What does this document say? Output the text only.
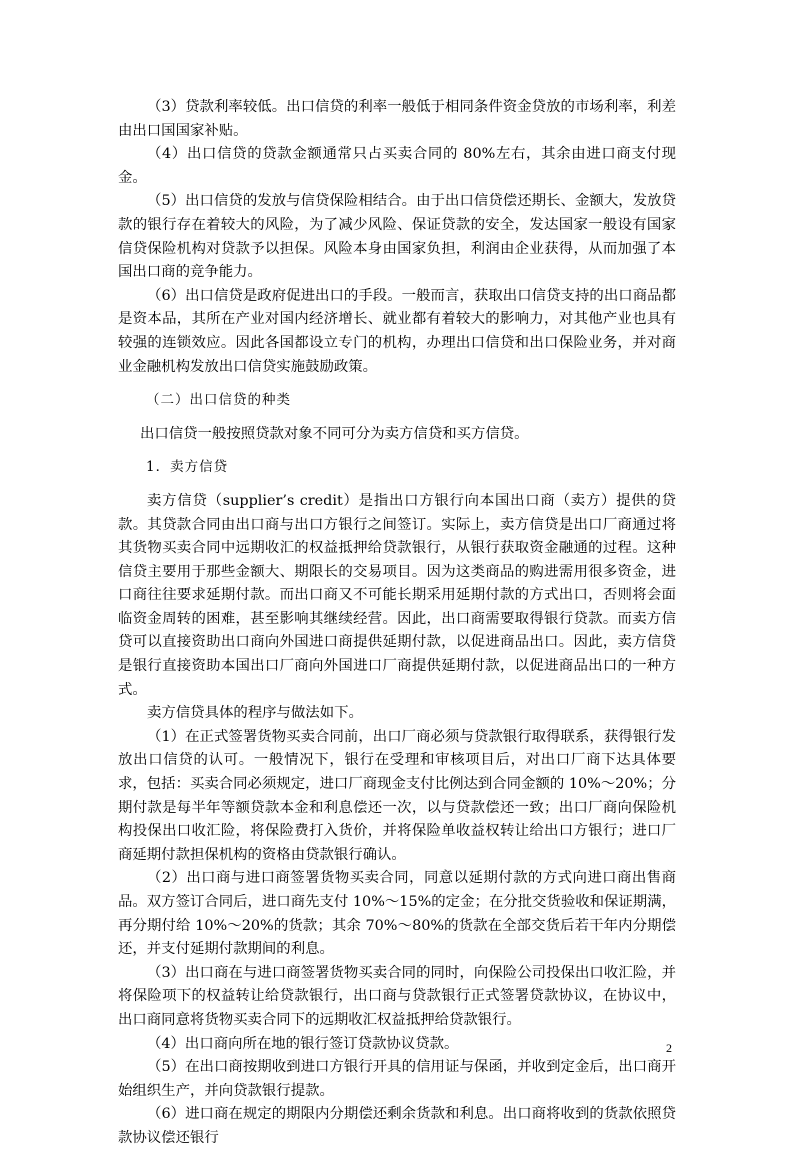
（3）贷款利率较低。出口信贷的利率一般低于相同条件资金贷放的市场利率，利差由出口国国家补贴。

（4）出口信贷的贷款金额通常只占买卖合同的 80%左右，其余由进口商支付现金。

（5）出口信贷的发放与信贷保险相结合。由于出口信贷偿还期长、金额大，发放贷款的银行存在着较大的风险，为了减少风险、保证贷款的安全，发达国家一般设有国家信贷保险机构对贷款予以担保。风险本身由国家负担，利润由企业获得，从而加强了本国出口商的竞争能力。

（6）出口信贷是政府促进出口的手段。一般而言，获取出口信贷支持的出口商品都是资本品，其所在产业对国内经济增长、就业都有着较大的影响力，对其他产业也具有较强的连锁效应。因此各国都设立专门的机构，办理出口信贷和出口保险业务，并对商业金融机构发放出口信贷实施鼓励政策。

（二）出口信贷的种类

出口信贷一般按照贷款对象不同可分为卖方信贷和买方信贷。

1．卖方信贷

卖方信贷（supplier’s credit）是指出口方银行向本国出口商（卖方）提供的贷款。其贷款合同由出口商与出口方银行之间签订。实际上，卖方信贷是出口厂商通过将其货物买卖合同中远期收汇的权益抵押给贷款银行，从银行获取资金融通的过程。这种信贷主要用于那些金额大、期限长的交易项目。因为这类商品的购进需用很多资金，进口商往往要求延期付款。而出口商又不可能长期采用延期付款的方式出口，否则将会面临资金周转的困难，甚至影响其继续经营。因此，出口商需要取得银行贷款。而卖方信贷可以直接资助出口商向外国进口商提供延期付款，以促进商品出口。因此，卖方信贷是银行直接资助本国出口厂商向外国进口厂商提供延期付款，以促进商品出口的一种方式。

卖方信贷具体的程序与做法如下。

（1）在正式签署货物买卖合同前，出口厂商必须与贷款银行取得联系，获得银行发放出口信贷的认可。一般情况下，银行在受理和审核项目后，对出口厂商下达具体要求，包括：买卖合同必须规定，进口厂商现金支付比例达到合同金额的 10%～20%；分期付款是每半年等额贷款本金和利息偿还一次，以与贷款偿还一致；出口厂商向保险机构投保出口收汇险，将保险费打入货价，并将保险单收益权转让给出口方银行；进口厂商延期付款担保机构的资格由贷款银行确认。

（2）出口商与进口商签署货物买卖合同，同意以延期付款的方式向进口商出售商品。双方签订合同后，进口商先支付 10%～15%的定金；在分批交货验收和保证期满，再分期付给 10%～20%的货款；其余 70%～80%的货款在全部交货后若干年内分期偿还，并支付延期付款期间的利息。

（3）出口商在与进口商签署货物买卖合同的同时，向保险公司投保出口收汇险，并将保险项下的权益转让给贷款银行，出口商与贷款银行正式签署贷款协议，在协议中，出口商同意将货物买卖合同下的远期收汇权益抵押给贷款银行。

（4）出口商向所在地的银行签订贷款协议贷款。

（5）在出口商按期收到进口方银行开具的信用证与保函，并收到定金后，出口商开始组织生产，并向贷款银行提款。

（6）进口商在规定的期限内分期偿还剩余货款和利息。出口商将收到的货款依照贷款协议偿还银行

2
